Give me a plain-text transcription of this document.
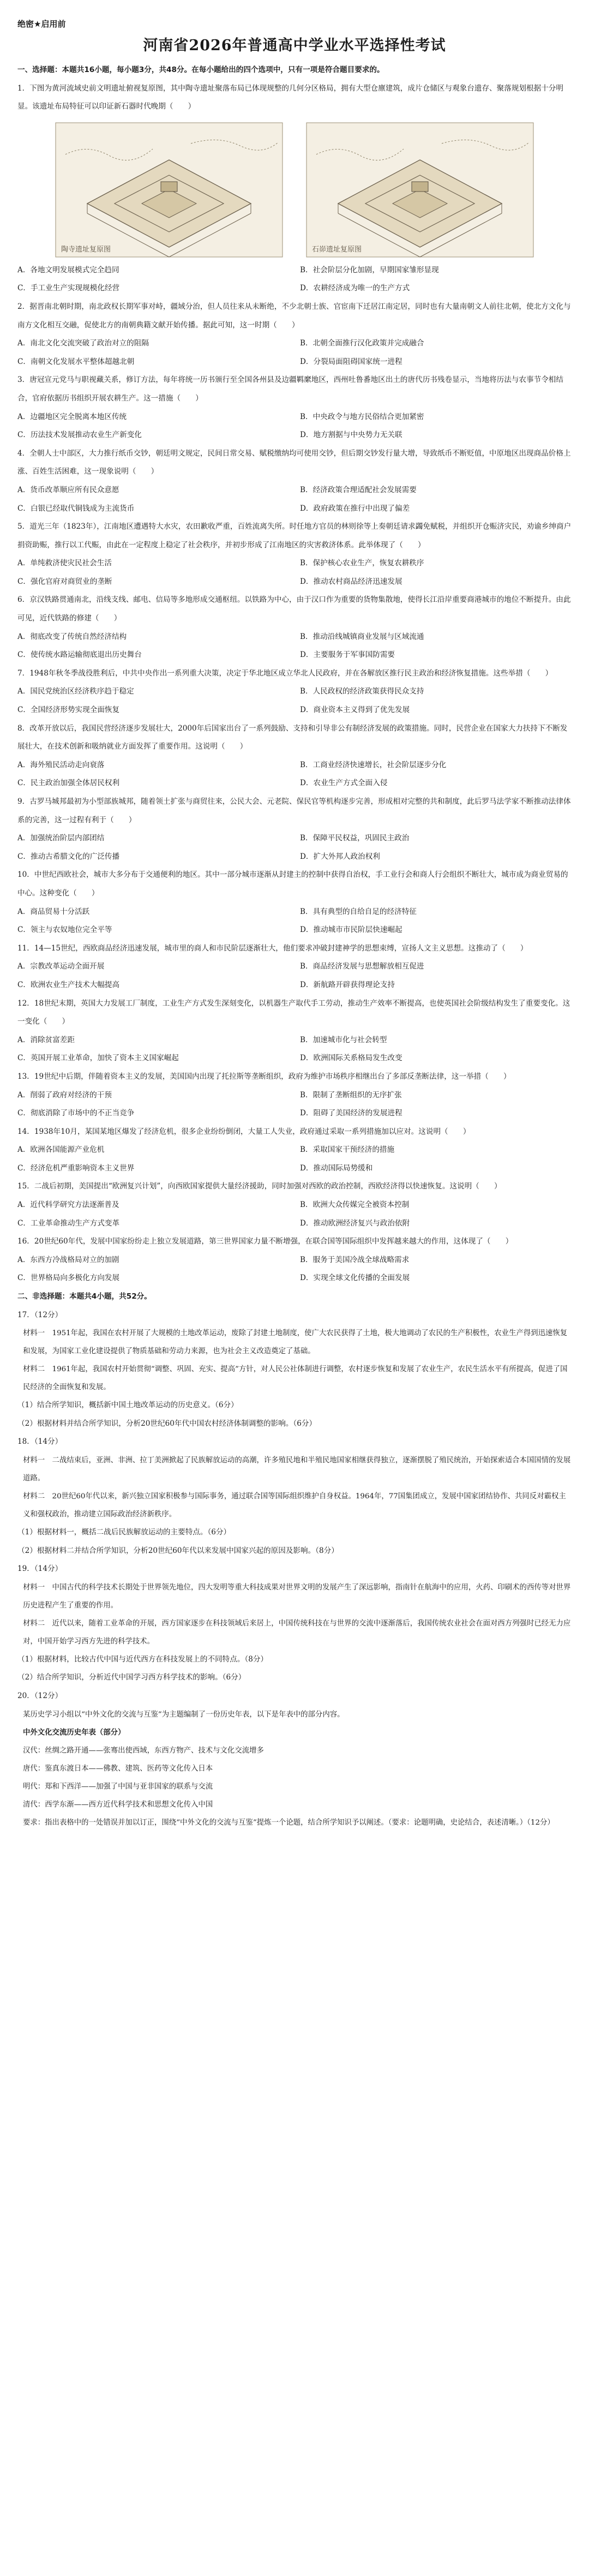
绝密★启用前
河南省2026年普通高中学业水平选择性考试
一、选择题：本题共16小题，每小题3分，共48分。在每小题给出的四个选项中，只有一项是符合题目要求的。
1．下图为黄河流域史前文明遗址俯视复原图，其中陶寺遗址聚落布局已体现规整的几何分区格局，拥有大型仓廪建筑，成片仓储区与观象台遗存、聚落规划根据十分明显。该遗址布局特征可以印证新石器时代晚期（　　）
陶寺遗址复原图	石峁遗址复原图
A．各地文明发展模式完全趋同	B．社会阶层分化加剧，早期国家雏形显现
C．手工业生产实现规模化经营	D．农耕经济成为唯一的生产方式
2．据晋南北朝时期，南北政权长期军事对峙，疆域分治，但人员往来从未断绝，不少北朝士族、官宦南下迁居江南定居，同时也有大量南朝文人前往北朝，使北方文化与南方文化相互交融，促使北方的南朝典籍文献开始传播。据此可知，这一时期（　　）
A．南北文化交流突破了政治对立的阻隔	B．北朝全面推行汉化政策并完成融合
C．南朝文化发展水平整体超越北朝	D．分裂局面阻碍国家统一进程
3．唐冠宣元党马与职视藏关系，修订方法，每年将统一历书颁行至全国各州县及边疆羁縻地区，西州吐鲁番地区出土的唐代历书残卷显示，当地将历法与农事节令相结合，官府依据历书组织开展农耕生产。这一措施（　　）
A．边疆地区完全脱离本地区传统	B．中央政令与地方民俗结合更加紧密
C．历法技术发展推动农业生产新变化	D．地方割据与中央势力无关联
4．全朝人士中部区，大力推行纸币交钞，朝廷明文规定，民间日常交易、赋税缴纳均可使用交钞，但后期交钞发行量大增，导致纸币不断贬值，中原地区出现商品价格上涨、百姓生活困难，这一现象说明（　　）
A．货币改革顺应所有民众意愿	B．经济政策合理适配社会发展需要
C．白银已经取代铜钱成为主流货币	D．政府政策在推行中出现了偏差
5．道光三年（1823年），江南地区遭遇特大水灾，农田歉收严重，百姓流离失所。时任地方官员的林则徐等上奏朝廷请求蠲免赋税，并组织开仓赈济灾民，劝谕乡绅商户捐资助赈，推行以工代赈，由此在一定程度上稳定了社会秩序，并初步形成了江南地区的灾害救济体系。此举体现了（　　）
A．单纯救济使灾民社会生活	B．保护核心农业生产，恢复农耕秩序
C．强化官府对商贸业的垄断	D．推动农村商品经济迅速发展
6．京汉铁路贯通南北，沿线支线、邮电、信局等多地形成交通枢纽。以铁路为中心，由于汉口作为重要的货物集散地，使得长江沿岸重要商港城市的地位不断提升。由此可见，近代铁路的修建（　　）
A．彻底改变了传统自然经济结构	B．推动沿线城镇商业发展与区域流通
C．使传统水路运输彻底退出历史舞台	D．主要服务于军事国防需要
7．1948年秋冬季战役胜利后，中共中央作出一系列重大决策，决定于华北地区成立华北人民政府，并在各解放区推行民主政治和经济恢复措施。这些举措（　　）
A．国民党统治区经济秩序趋于稳定	B．人民政权的经济政策获得民众支持
C．全国经济形势实现全面恢复	D．商业资本主义得到了优先发展
8．改革开放以后，我国民营经济逐步发展壮大，2000年后国家出台了一系列鼓励、支持和引导非公有制经济发展的政策措施。同时，民营企业在国家大力扶持下不断发展壮大，在技术创新和吸纳就业方面发挥了重要作用。这说明（　　）
A．海外殖民活动走向衰落	B．工商业经济快速增长，社会阶层逐步分化
C．民主政治加强全体居民权利	D．农业生产方式全面入侵
9．古罗马城邦最初为小型部族城邦，随着领土扩张与商贸往来，公民大会、元老院、保民官等机构逐步完善，形成相对完整的共和制度，此后罗马法学家不断推动法律体系的完善，这一过程有利于（　　）
A．加强统治阶层内部团结	B．保障平民权益，巩固民主政治
C．推动古希腊文化的广泛传播	D．扩大外邦人政治权利
10．中世纪西欧社会，城市大多分布于交通便利的地区。其中一部分城市逐渐从封建主的控制中获得自治权，手工业行会和商人行会组织不断壮大，城市成为商业贸易的中心。这种变化（　　）
A．商品贸易十分活跃	B．具有典型的自给自足的经济特征
C．领主与农奴地位完全平等	D．推动城市市民阶层快速崛起
11．14—15世纪，西欧商品经济迅速发展，城市里的商人和市民阶层逐渐壮大，他们要求冲破封建神学的思想束缚，宣扬人文主义思想。这推动了（　　）
A．宗教改革运动全面开展	B．商品经济发展与思想解放相互促进
C．欧洲农业生产技术大幅提高	D．新航路开辟获得理论支持
12．18世纪末期，英国大力发展工厂制度，工业生产方式发生深刻变化，以机器生产取代手工劳动，推动生产效率不断提高，也使英国社会阶级结构发生了重要变化。这一变化（　　）
A．消除贫富差距	B．加速城市化与社会转型
C．英国开展工业革命，加快了资本主义国家崛起	D．欧洲国际关系格局发生改变
13．19世纪中后期，伴随着资本主义的发展，美国国内出现了托拉斯等垄断组织，政府为维护市场秩序相继出台了多部反垄断法律，这一举措（　　）
A．削弱了政府对经济的干预	B．限制了垄断组织的无序扩张
C．彻底消除了市场中的不正当竞争	D．阻碍了美国经济的发展进程
14．1938年10月，某国某地区爆发了经济危机，很多企业纷纷倒闭，大量工人失业，政府通过采取一系列措施加以应对。这说明（　　）
A．欧洲各国能源产业危机	B．采取国家干预经济的措施
C．经济危机严重影响资本主义世界	D．推动国际局势缓和
15．二战后初期，美国提出“欧洲复兴计划”，向西欧国家提供大量经济援助，同时加强对西欧的政治控制，西欧经济得以快速恢复。这说明（　　）
A．近代科学研究方法逐渐普及	B．欧洲大众传媒完全被资本控制
C．工业革命推动生产方式变革	D．推动欧洲经济复兴与政治依附
16．20世纪60年代，发展中国家纷纷走上独立发展道路，第三世界国家力量不断增强，在联合国等国际组织中发挥越来越大的作用，这体现了（　　）
A．东西方冷战格局对立的加剧	B．服务于美国冷战全球战略需求
C．世界格局向多极化方向发展	D．实现全球文化传播的全面发展
二、非选择题：本题共4小题，共52分。
17．（12分）
材料一　1951年起，我国在农村开展了大规模的土地改革运动，废除了封建土地制度，使广大农民获得了土地，极大地调动了农民的生产积极性，农业生产得到迅速恢复和发展，为国家工业化建设提供了物质基础和劳动力来源，也为社会主义改造奠定了基础。
材料二　1961年起，我国农村开始贯彻“调整、巩固、充实、提高”方针，对人民公社体制进行调整，农村逐步恢复和发展了农业生产，农民生活水平有所提高，促进了国民经济的全面恢复和发展。
（1）结合所学知识，概括新中国土地改革运动的历史意义。（6分）
（2）根据材料并结合所学知识，分析20世纪60年代中国农村经济体制调整的影响。（6分）
18．（14分）
材料一　二战结束后，亚洲、非洲、拉丁美洲掀起了民族解放运动的高潮，许多殖民地和半殖民地国家相继获得独立，逐渐摆脱了殖民统治，开始探索适合本国国情的发展道路。
材料二　20世纪60年代以来，新兴独立国家积极参与国际事务，通过联合国等国际组织维护自身权益。1964年，77国集团成立，发展中国家团结协作、共同反对霸权主义和强权政治，推动建立国际政治经济新秩序。
（1）根据材料一，概括二战后民族解放运动的主要特点。（6分）
（2）根据材料二并结合所学知识，分析20世纪60年代以来发展中国家兴起的原因及影响。（8分）
19．（14分）
材料一　中国古代的科学技术长期处于世界领先地位，四大发明等重大科技成果对世界文明的发展产生了深远影响，指南针在航海中的应用，火药、印刷术的西传等对世界历史进程产生了重要的作用。
材料二　近代以来，随着工业革命的开展，西方国家逐步在科技领域后来居上，中国传统科技在与世界的交流中逐渐落后，我国传统农业社会在面对西方列强时已经无力应对，中国开始学习西方先进的科学技术。
（1）根据材料，比较古代中国与近代西方在科技发展上的不同特点。（8分）
（2）结合所学知识，分析近代中国学习西方科学技术的影响。（6分）
20．（12分）
某历史学习小组以“中外文化的交流与互鉴”为主题编制了一份历史年表，以下是年表中的部分内容。
中外文化交流历史年表（部分）
汉代：丝绸之路开通——张骞出使西域，东西方物产、技术与文化交流增多
唐代：鉴真东渡日本——佛教、建筑、医药等文化传入日本
明代：郑和下西洋——加强了中国与亚非国家的联系与交流
清代：西学东渐——西方近代科学技术和思想文化传入中国
要求：指出表格中的一处错误并加以订正，围绕“中外文化的交流与互鉴”提炼一个论题，结合所学知识予以阐述。（要求：论题明确，史论结合，表述清晰。）（12分）
